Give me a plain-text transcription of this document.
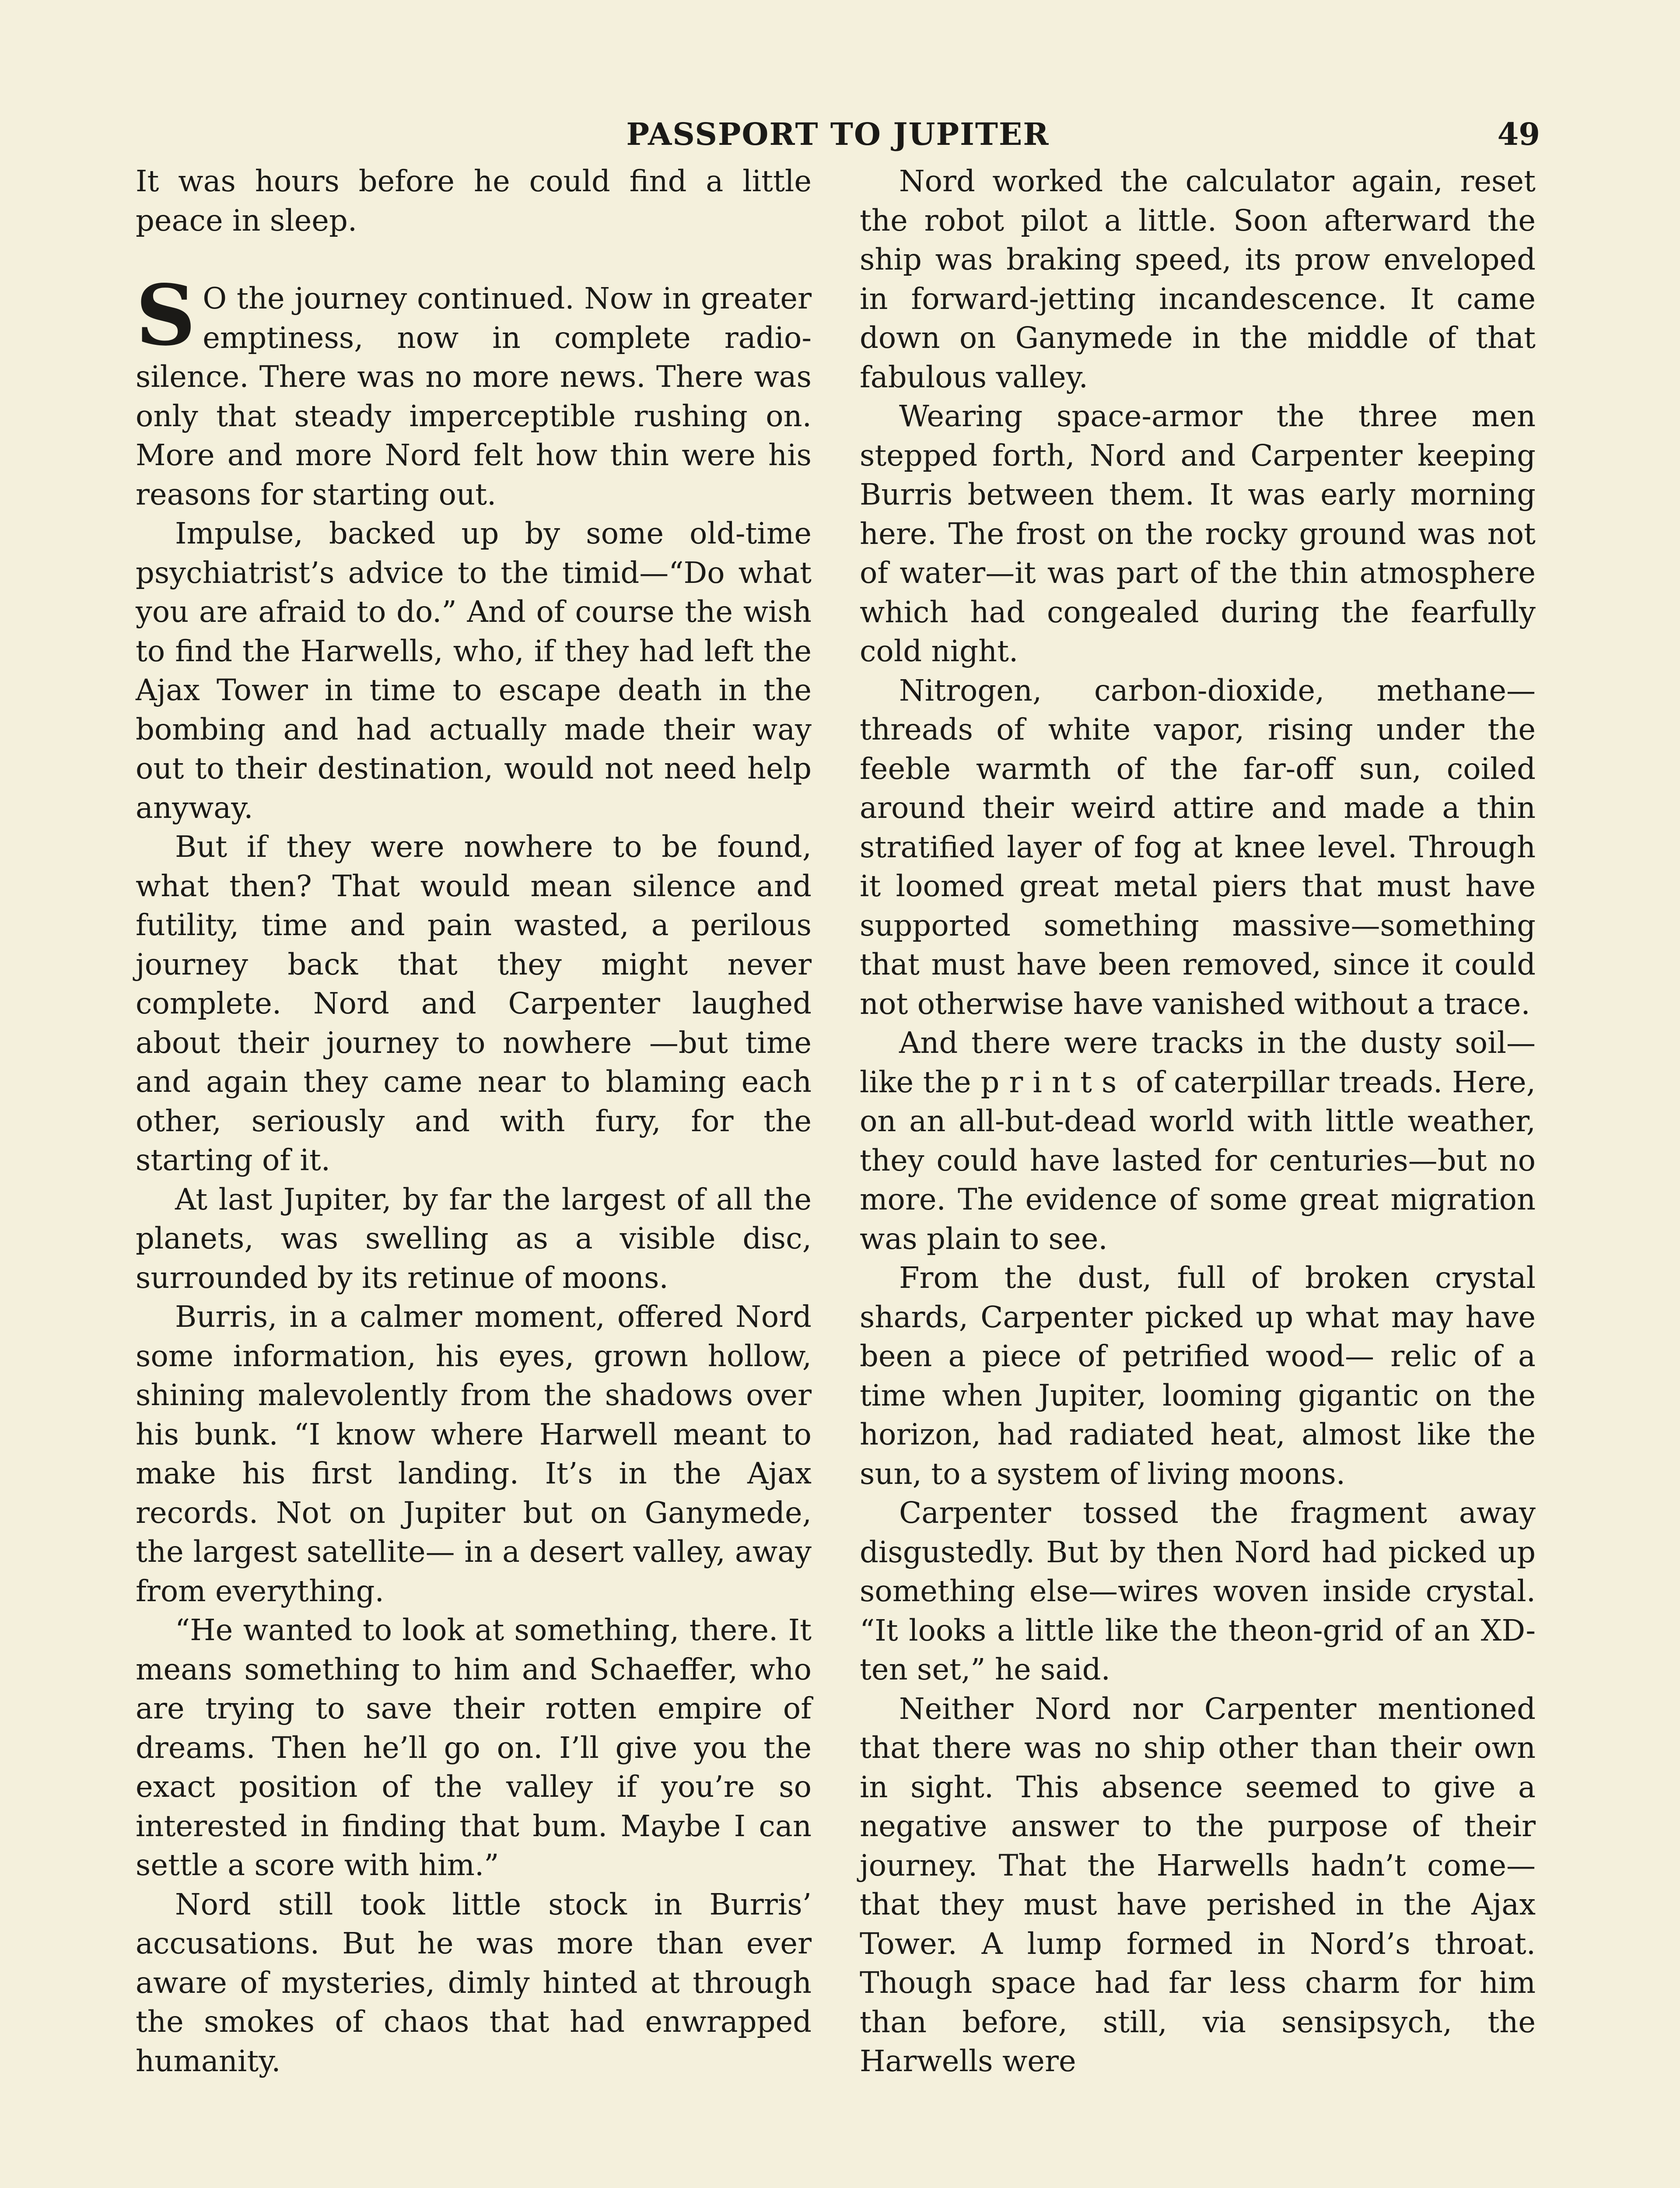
PASSPORT TO JUPITER	49

It was hours before he could find a little peace in sleep.

S O the journey continued. Now in greater emptiness, now in complete radio-silence. There was no more news. There was only that steady imperceptible rushing on. More and more Nord felt how thin were his reasons for starting out.

Impulse, backed up by some old-time psychiatrist’s advice to the timid—“Do what you are afraid to do.” And of course the wish to find the Harwells, who, if they had left the Ajax Tower in time to escape death in the bombing and had actually made their way out to their destination, would not need help anyway.

But if they were nowhere to be found, what then? That would mean silence and futility, time and pain wasted, a perilous journey back that they might never complete. Nord and Carpenter laughed about their journey to nowhere —but time and again they came near to blaming each other, seriously and with fury, for the starting of it.

At last Jupiter, by far the largest of all the planets, was swelling as a visible disc, surrounded by its retinue of moons.

Burris, in a calmer moment, offered Nord some information, his eyes, grown hollow, shining malevolently from the shadows over his bunk. “I know where Harwell meant to make his first landing. It’s in the Ajax records. Not on Jupiter but on Ganymede, the largest satellite— in a desert valley, away from everything.

“He wanted to look at something, there. It means something to him and Schaeffer, who are trying to save their rotten empire of dreams. Then he’ll go on. I’ll give you the exact position of the valley if you’re so interested in finding that bum. Maybe I can settle a score with him.”

Nord still took little stock in Burris’ accusations. But he was more than ever aware of mysteries, dimly hinted at through the smokes of chaos that had enwrapped humanity.

Nord worked the calculator again, reset the robot pilot a little. Soon afterward the ship was braking speed, its prow enveloped in forward-jetting incandescence. It came down on Ganymede in the middle of that fabulous valley.

Wearing space-armor the three men stepped forth, Nord and Carpenter keeping Burris between them. It was early morning here. The frost on the rocky ground was not of water—it was part of the thin atmosphere which had congealed during the fearfully cold night.

Nitrogen, carbon-dioxide, methane— threads of white vapor, rising under the feeble warmth of the far-off sun, coiled around their weird attire and made a thin stratified layer of fog at knee level. Through it loomed great metal piers that must have supported something massive—something that must have been removed, since it could not otherwise have vanished without a trace.

And there were tracks in the dusty soil—like the prints of caterpillar treads. Here, on an all-but-dead world with little weather, they could have lasted for centuries—but no more. The evidence of some great migration was plain to see.

From the dust, full of broken crystal shards, Carpenter picked up what may have been a piece of petrified wood— relic of a time when Jupiter, looming gigantic on the horizon, had radiated heat, almost like the sun, to a system of living moons.

Carpenter tossed the fragment away disgustedly. But by then Nord had picked up something else—wires woven inside crystal. “It looks a little like the theon-grid of an XD-ten set,” he said.

Neither Nord nor Carpenter mentioned that there was no ship other than their own in sight. This absence seemed to give a negative answer to the purpose of their journey. That the Harwells hadn’t come—that they must have perished in the Ajax Tower. A lump formed in Nord’s throat. Though space had far less charm for him than before, still, via sensipsych, the Harwells were
